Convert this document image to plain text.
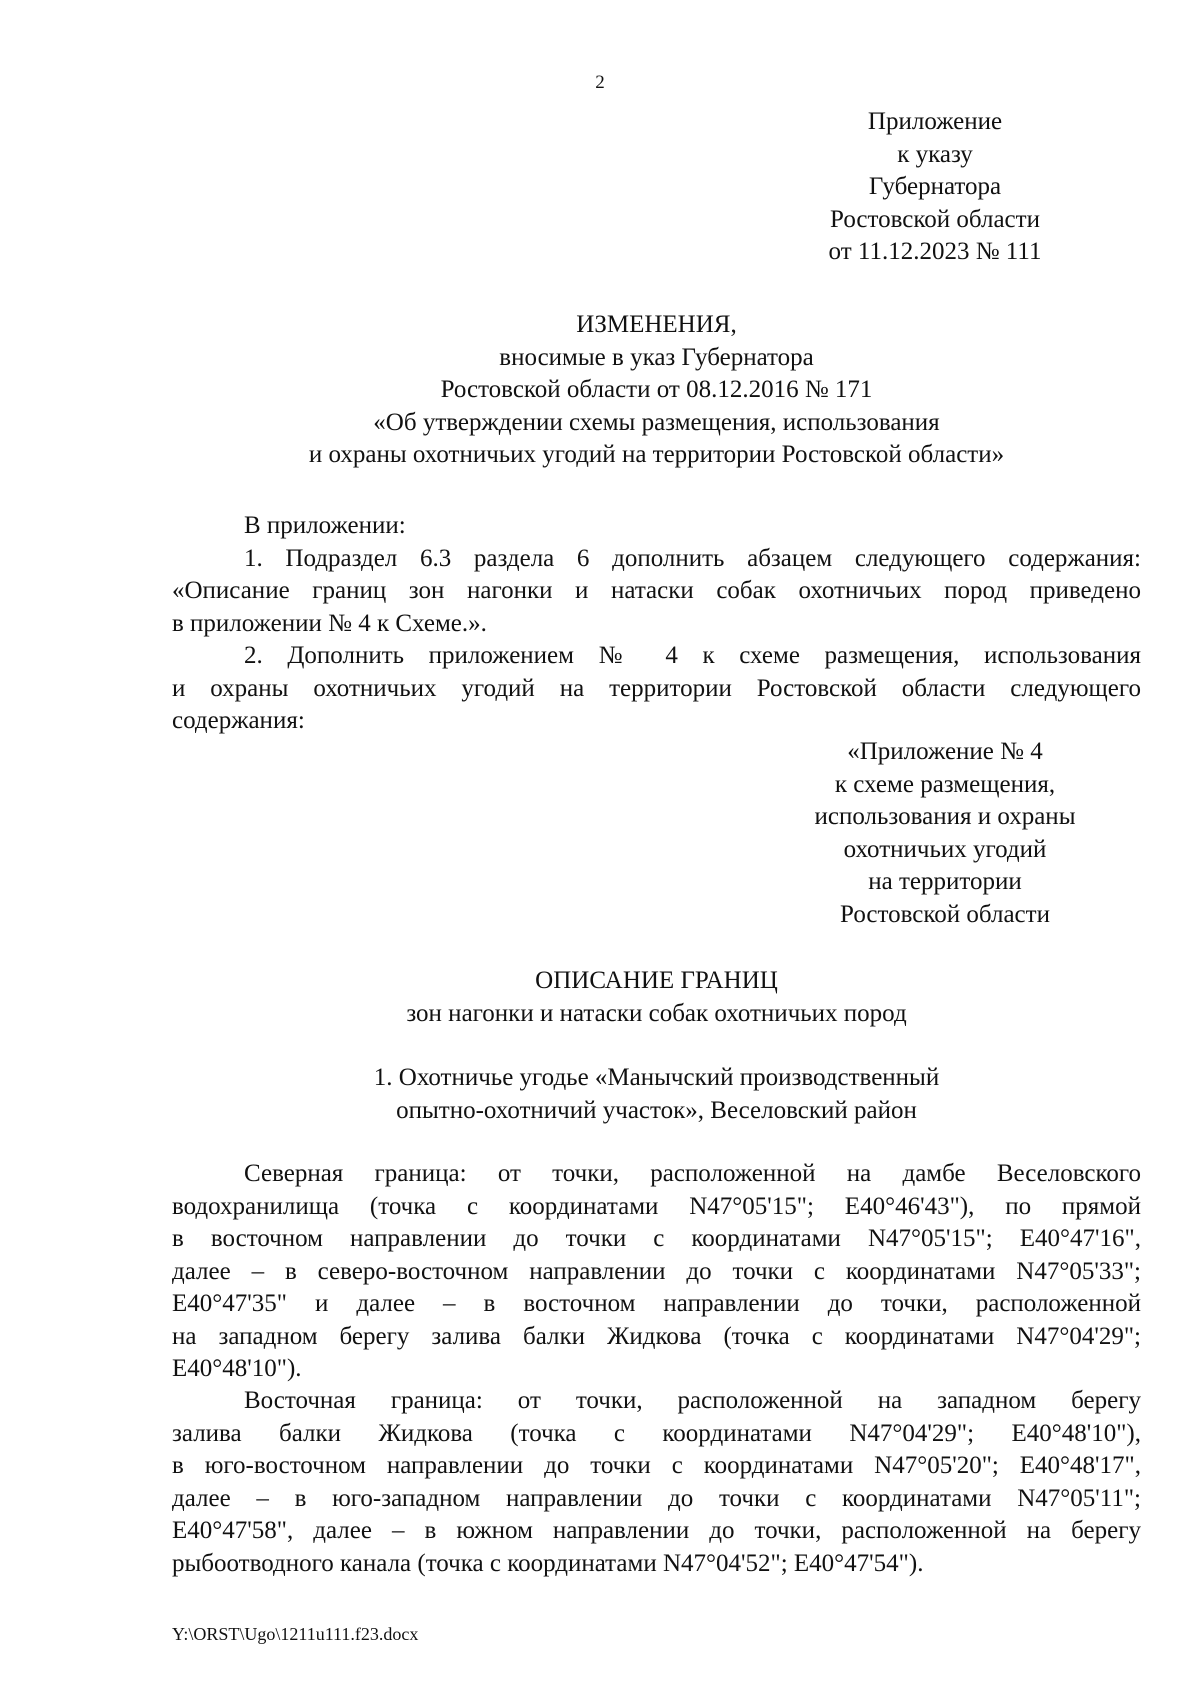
2
Приложение
к указу
Губернатора
Ростовской области
от 11.12.2023 № 111
ИЗМЕНЕНИЯ,
вносимые в указ Губернатора
Ростовской области от 08.12.2016 № 171
«Об утверждении схемы размещения, использования
и охраны охотничьих угодий на территории Ростовской области»
В приложении:
1. Подраздел 6.3 раздела 6 дополнить абзацем следующего содержания:
«Описание границ зон нагонки и натаски собак охотничьих пород приведено
в приложении № 4 к Схеме.».
2. Дополнить приложением № 4 к схеме размещения, использования
и охраны охотничьих угодий на территории Ростовской области следующего
содержания:
«Приложение № 4
к схеме размещения,
использования и охраны
охотничьих угодий
на территории
Ростовской области
ОПИСАНИЕ ГРАНИЦ
зон нагонки и натаски собак охотничьих пород
1. Охотничье угодье «Манычский производственный
опытно-охотничий участок», Веселовский район
Северная граница: от точки, расположенной на дамбе Веселовского
водохранилища (точка с координатами N47°05'15"; E40°46'43"), по прямой
в восточном направлении до точки с координатами N47°05'15"; E40°47'16",
далее – в северо-восточном направлении до точки с координатами N47°05'33";
E40°47'35" и далее – в восточном направлении до точки, расположенной
на западном берегу залива балки Жидкова (точка с координатами N47°04'29";
E40°48'10").
Восточная граница: от точки, расположенной на западном берегу
залива балки Жидкова (точка с координатами N47°04'29"; E40°48'10"),
в юго-восточном направлении до точки с координатами N47°05'20"; E40°48'17",
далее – в юго-западном направлении до точки с координатами N47°05'11";
E40°47'58", далее – в южном направлении до точки, расположенной на берегу
рыбоотводного канала (точка с координатами N47°04'52"; E40°47'54").
Y:\ORST\Ugo\1211u111.f23.docx
